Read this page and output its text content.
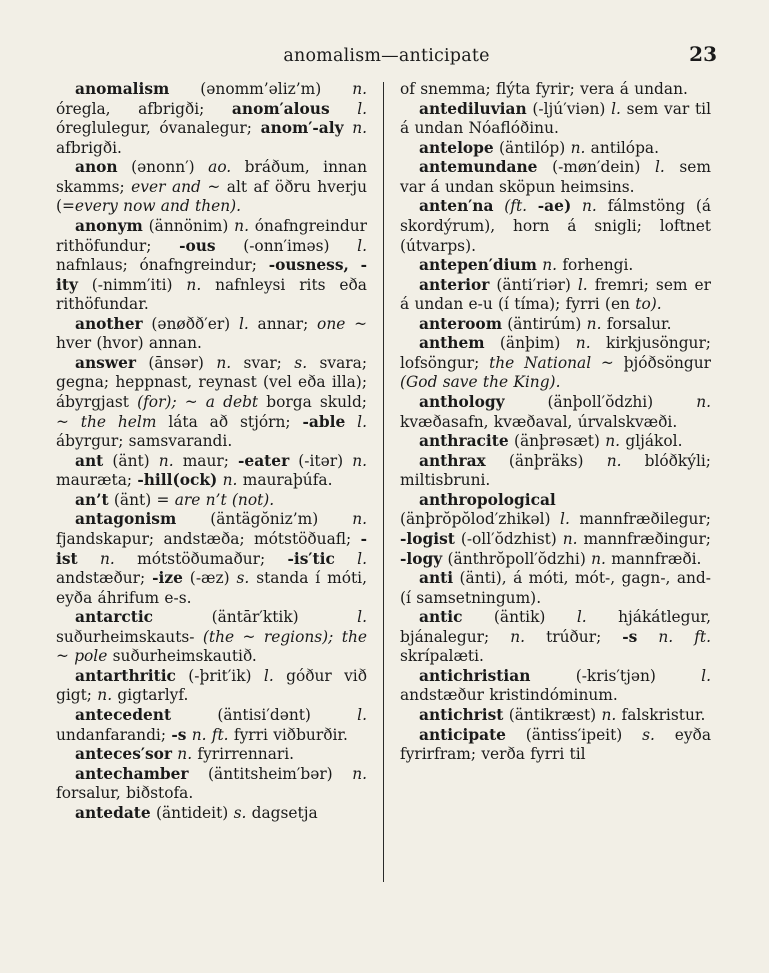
anomalism—anticipate	23

anomalism (ənomm’əliz’m) n. óregla, afbrigði; anom′alous l. óreglulegur, óvanalegur; anom′-aly n. afbrigði.

anon (ənonn′) ao. bráðum, innan skamms; ever and ~ alt af öðru hverju (=every now and then).

anonym (ännönim) n. ónafngreindur rithöfundur; -ous (-onn′iməs) l. nafnlaus; ónafngreindur; -ousness, -ity (-nimm′iti) n. nafnleysi rits eða rithöfundar.

another (ənøðð′er) l. annar; one ~ hver (hvor) annan.

answer (ānsər) n. svar; s. svara; gegna; heppnast, reynast (vel eða illa); ábyrgjast (for); ~ a debt borga skuld; ~ the helm láta að stjórn; -able l. ábyrgur; samsvarandi.

ant (änt) n. maur; -eater (-itər) n. mauræta; -hill(ock) n. mauraþúfa.

an’t (änt) = are n’t (not).

antagonism (äntägŏniz’m) n. fjandskapur; andstæða; mótstöðuafl; -ist n. mótstöðumaður; -is′tic l. andstæður; -ize (-æz) s. standa í móti, eyða áhrifum e-s.

antarctic (äntār′ktik) l. suðurheimskauts- (the ~ regions); the ~ pole suðurheimskautið.

antarthritic (-þrit′ik) l. góður við gigt; n. gigtarlyf.

antecedent (äntisi′dənt) l. undanfarandi; -s n. ft. fyrri viðburðir.

anteces′sor n. fyrirrennari.

antechamber (äntitsheim′bər) n. forsalur, biðstofa.

antedate (äntideit) s. dagsetja

of snemma; flýta fyrir; vera á undan.

antediluvian (-ljú′viən) l. sem var til á undan Nóaflóðinu.

antelope (äntilóp) n. antilópa.

antemundane (-møn′dein) l. sem var á undan sköpun heimsins.

anten′na (ft. -ae) n. fálmstöng (á skordýrum), horn á snigli; loftnet (útvarps).

antepen′dium n. forhengi.

anterior (änti′riər) l. fremri; sem er á undan e-u (í tíma); fyrri (en to).

anteroom (äntirúm) n. forsalur.

anthem (änþim) n. kirkjusöngur; lofsöngur; the National ~ þjóðsöngur (God save the King).

anthology (änþoll′ŏdzhi) n. kvæðasafn, kvæðaval, úrvalskvæði.

anthracite (änþrəsæt) n. gljákol.

anthrax (änþräks) n. blóðkýli; miltisbruni.

anthropological (änþrŏpŏlod′zhikəl) l. mannfræðilegur; -logist (-oll′ŏdzhist) n. mannfræðingur; -logy (änthrŏpoll′ŏdzhi) n. mannfræði.

anti (änti), á móti, mót-, gagn-, and- (í samsetningum).

antic (äntik) l. hjákátlegur, bjánalegur; n. trúður; -s n. ft. skrípalæti.

antichristian (-kris′tjən) l. andstæður kristindóminum.

antichrist (äntikræst) n. falskristur.

anticipate (äntiss′ipeit) s. eyða fyrirfram; verða fyrri til
